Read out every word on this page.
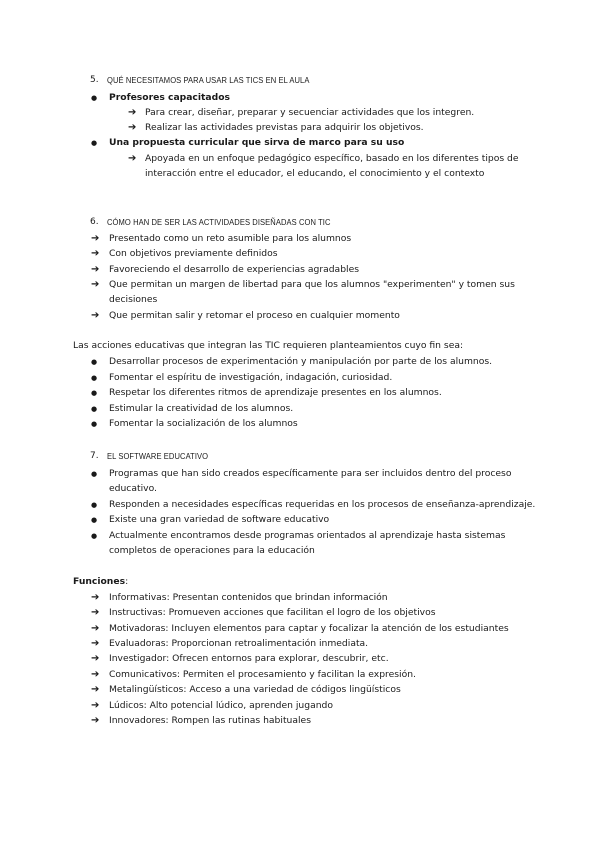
5. QUÉ NECESITAMOS PARA USAR LAS TICS EN EL AULA
● Profesores capacitados
➔ Para crear, diseñar, preparar y secuenciar actividades que los integren.
➔ Realizar las actividades previstas para adquirir los objetivos.
● Una propuesta curricular que sirva de marco para su uso
➔ Apoyada en un enfoque pedagógico específico, basado en los diferentes tipos de
interacción entre el educador, el educando, el conocimiento y el contexto
6. CÓMO HAN DE SER LAS ACTIVIDADES DISEÑADAS CON TIC
➔ Presentado como un reto asumible para los alumnos
➔ Con objetivos previamente definidos
➔ Favoreciendo el desarrollo de experiencias agradables
➔ Que permitan un margen de libertad para que los alumnos "experimenten" y tomen sus
decisiones
➔ Que permitan salir y retomar el proceso en cualquier momento
Las acciones educativas que integran las TIC requieren planteamientos cuyo fin sea:
● Desarrollar procesos de experimentación y manipulación por parte de los alumnos.
● Fomentar el espíritu de investigación, indagación, curiosidad.
● Respetar los diferentes ritmos de aprendizaje presentes en los alumnos.
● Estimular la creatividad de los alumnos.
● Fomentar la socialización de los alumnos
7. EL SOFTWARE EDUCATIVO
● Programas que han sido creados específicamente para ser incluidos dentro del proceso
educativo.
● Responden a necesidades específicas requeridas en los procesos de enseñanza-aprendizaje.
● Existe una gran variedad de software educativo
● Actualmente encontramos desde programas orientados al aprendizaje hasta sistemas
completos de operaciones para la educación
Funciones:
➔ Informativas: Presentan contenidos que brindan información
➔ Instructivas: Promueven acciones que facilitan el logro de los objetivos
➔ Motivadoras: Incluyen elementos para captar y focalizar la atención de los estudiantes
➔ Evaluadoras: Proporcionan retroalimentación inmediata.
➔ Investigador: Ofrecen entornos para explorar, descubrir, etc.
➔ Comunicativos: Permiten el procesamiento y facilitan la expresión.
➔ Metalingüísticos: Acceso a una variedad de códigos lingüísticos
➔ Lúdicos: Alto potencial lúdico, aprenden jugando
➔ Innovadores: Rompen las rutinas habituales
